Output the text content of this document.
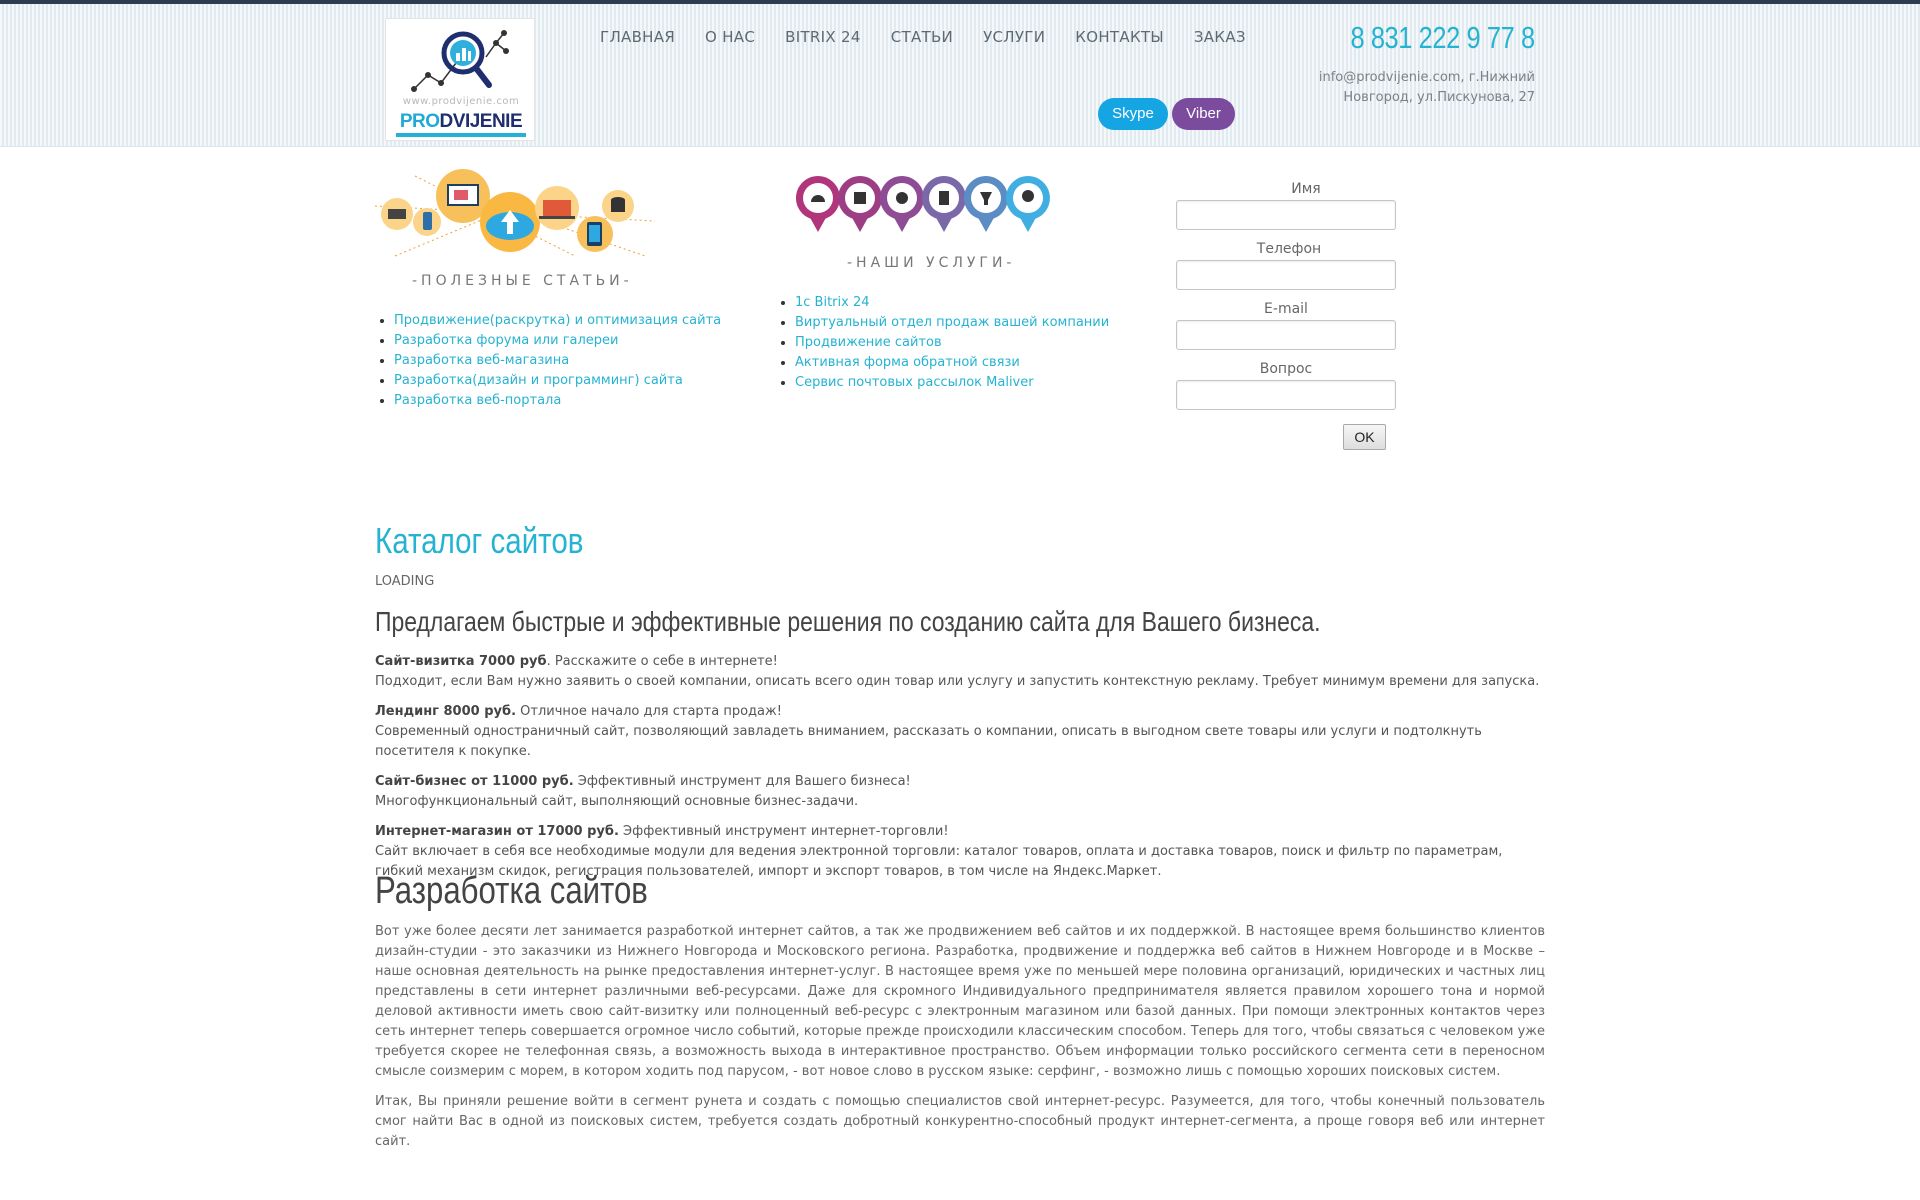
www.prodvijenie.com
PRODVIJENIE
ГЛАВНАЯ О НАС BITRIX 24 СТАТЬИ УСЛУГИ КОНТАКТЫ ЗАКАЗ	8 831 222 9 77 8
info@prodvijenie.com, г.Нижний
Новгород, ул.Пискунова, 27
Skype	Viber
-ПОЛЕЗНЫЕ СТАТЬИ-
• Продвижение(раскрутка) и оптимизация сайта
• Разработка форума или галереи
• Разработка веб-магазина
• Разработка(дизайн и программинг) сайта
• Разработка веб-портала
-НАШИ УСЛУГИ-
• 1с Bitrix 24
• Виртуальный отдел продаж вашей компании
• Продвижение сайтов
• Активная форма обратной связи
• Сервис почтовых рассылок Maliver
Имя
Телефон
E-mail
Вопрос
OK
Каталог сайтов
LOADING
Предлагаем быстрые и эффективные решения по созданию сайта для Вашего бизнеса.
Сайт-визитка 7000 руб. Расскажите о себе в интернете!
Подходит, если Вам нужно заявить о своей компании, описать всего один товар или услугу и запустить контекстную рекламу. Требует минимум времени для запуска.
Лендинг 8000 руб. Отличное начало для старта продаж!
Современный одностраничный сайт, позволяющий завладеть вниманием, рассказать о компании, описать в выгодном свете товары или услуги и подтолкнуть посетителя к покупке.
Сайт-бизнес от 11000 руб. Эффективный инструмент для Вашего бизнеса!
Многофункциональный сайт, выполняющий основные бизнес-задачи.
Интернет-магазин от 17000 руб. Эффективный инструмент интернет-торговли!
Сайт включает в себя все необходимые модули для ведения электронной торговли: каталог товаров, оплата и доставка товаров, поиск и фильтр по параметрам, гибкий механизм скидок, регистрация пользователей, импорт и экспорт товаров, в том числе на Яндекс.Маркет.
Разработка сайтов
Вот уже более десяти лет занимается разработкой интернет сайтов, а так же продвижением веб сайтов и их поддержкой. В настоящее время большинство клиентов дизайн-студии - это заказчики из Нижнего Новгорода и Московского региона. Разработка, продвижение и поддержка веб сайтов в Нижнем Новгороде и в Москве – наше основная деятельность на рынке предоставления интернет-услуг. В настоящее время уже по меньшей мере половина организаций, юридических и частных лиц представлены в сети интернет различными веб-ресурсами. Даже для скромного Индивидуального предпринимателя является правилом хорошего тона и нормой деловой активности иметь свою сайт-визитку или полноценный веб-ресурс с электронным магазином или базой данных. При помощи электронных контактов через сеть интернет теперь совершается огромное число событий, которые прежде происходили классическим способом. Теперь для того, чтобы связаться с человеком уже требуется скорее не телефонная связь, а возможность выхода в интерактивное пространство. Объем информации только российского сегмента сети в переносном смысле соизмерим с морем, в котором ходить под парусом, - вот новое слово в русском языке: серфинг, - возможно лишь с помощью хороших поисковых систем.
Итак, Вы приняли решение войти в сегмент рунета и создать с помощью специалистов свой интернет-ресурс. Разумеется, для того, чтобы конечный пользователь смог найти Вас в одной из поисковых систем, требуется создать добротный конкурентно-способный продукт интернет-сегмента, а проще говоря веб или интернет сайт.
